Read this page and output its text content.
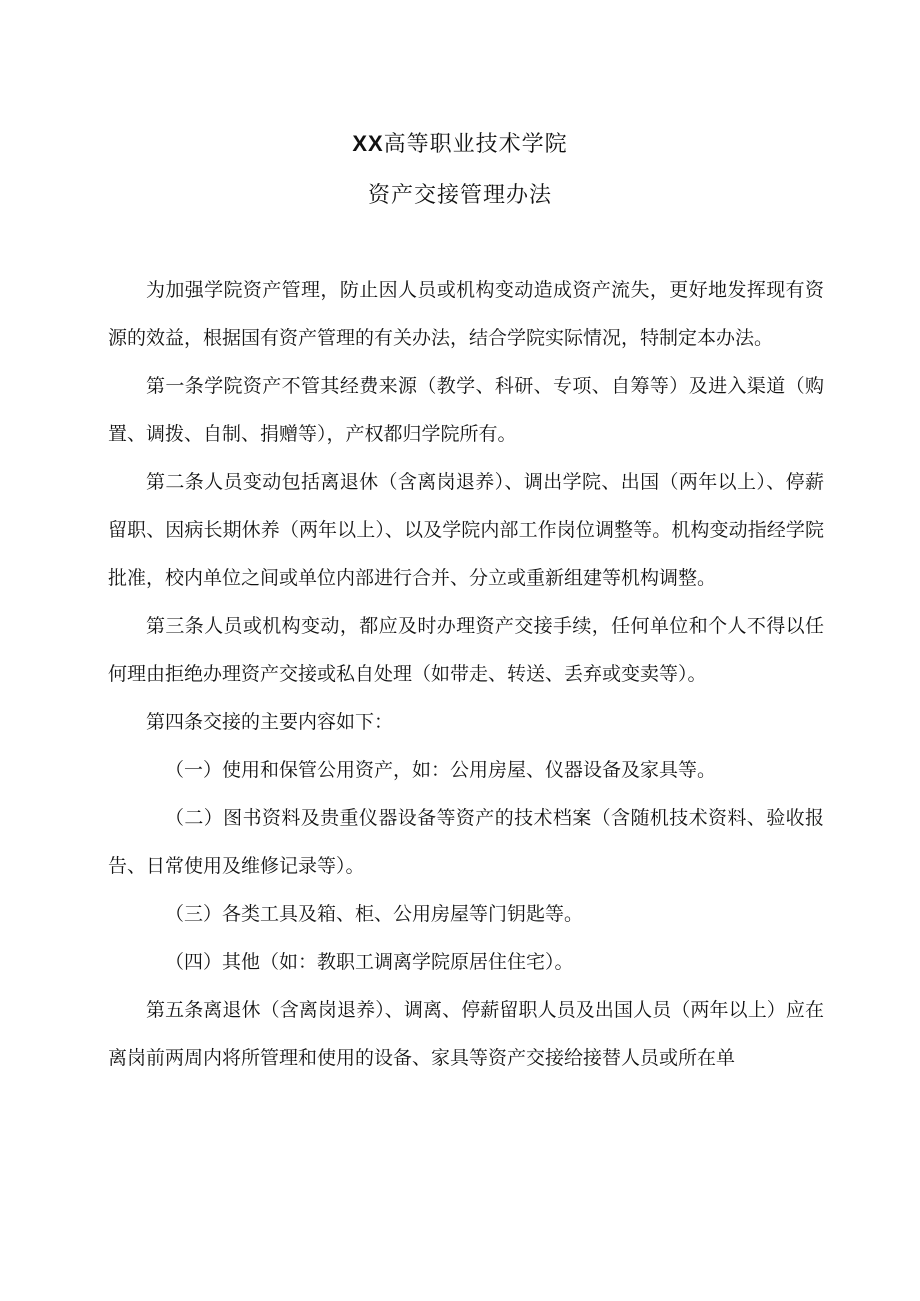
XX高等职业技术学院
资产交接管理办法

为加强学院资产管理，防止因人员或机构变动造成资产流失，更好地发挥现有资源的效益，根据国有资产管理的有关办法，结合学院实际情况，特制定本办法。

第一条学院资产不管其经费来源（教学、科研、专项、自筹等）及进入渠道（购置、调拨、自制、捐赠等），产权都归学院所有。

第二条人员变动包括离退休（含离岗退养）、调出学院、出国（两年以上）、停薪留职、因病长期休养（两年以上）、以及学院内部工作岗位调整等。机构变动指经学院批准，校内单位之间或单位内部进行合并、分立或重新组建等机构调整。

第三条人员或机构变动，都应及时办理资产交接手续，任何单位和个人不得以任何理由拒绝办理资产交接或私自处理（如带走、转送、丢弃或变卖等）。

第四条交接的主要内容如下：

（一）使用和保管公用资产，如：公用房屋、仪器设备及家具等。

（二）图书资料及贵重仪器设备等资产的技术档案（含随机技术资料、验收报告、日常使用及维修记录等）。

（三）各类工具及箱、柜、公用房屋等门钥匙等。

（四）其他（如：教职工调离学院原居住住宅）。

第五条离退休（含离岗退养）、调离、停薪留职人员及出国人员（两年以上）应在离岗前两周内将所管理和使用的设备、家具等资产交接给接替人员或所在单
